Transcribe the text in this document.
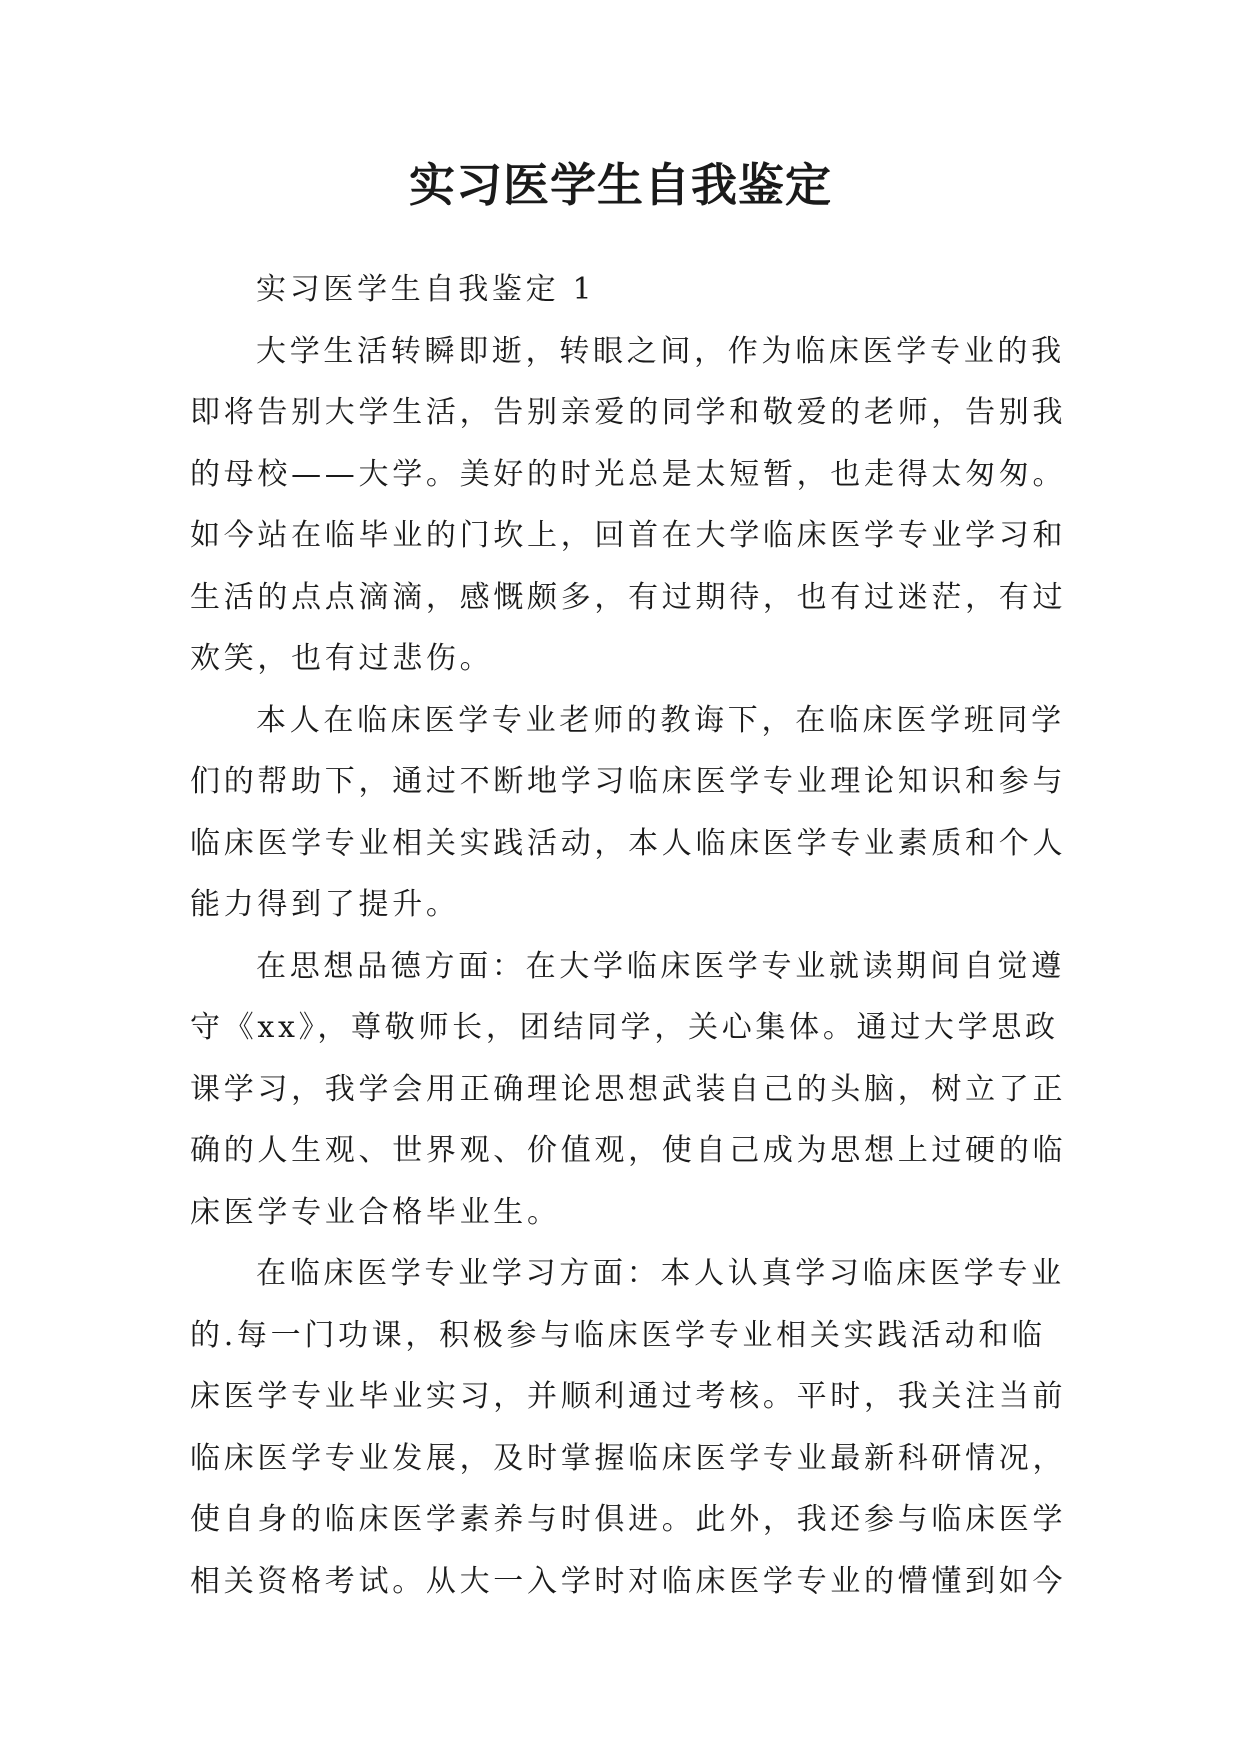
实习医学生自我鉴定

实习医学生自我鉴定 1

大学生活转瞬即逝，转眼之间，作为临床医学专业的我
即将告别大学生活，告别亲爱的同学和敬爱的老师，告别我
的母校——大学。美好的时光总是太短暂，也走得太匆匆。
如今站在临毕业的门坎上，回首在大学临床医学专业学习和
生活的点点滴滴，感慨颇多，有过期待，也有过迷茫，有过
欢笑，也有过悲伤。

本人在临床医学专业老师的教诲下，在临床医学班同学
们的帮助下，通过不断地学习临床医学专业理论知识和参与
临床医学专业相关实践活动，本人临床医学专业素质和个人
能力得到了提升。

在思想品德方面：在大学临床医学专业就读期间自觉遵
守《xx》，尊敬师长，团结同学，关心集体。通过大学思政
课学习，我学会用正确理论思想武装自己的头脑，树立了正
确的人生观、世界观、价值观，使自己成为思想上过硬的临
床医学专业合格毕业生。

在临床医学专业学习方面：本人认真学习临床医学专业
的.每一门功课，积极参与临床医学专业相关实践活动和临
床医学专业毕业实习，并顺利通过考核。平时，我关注当前
临床医学专业发展，及时掌握临床医学专业最新科研情况，
使自身的临床医学素养与时俱进。此外，我还参与临床医学
相关资格考试。从大一入学时对临床医学专业的懵懂到如今
